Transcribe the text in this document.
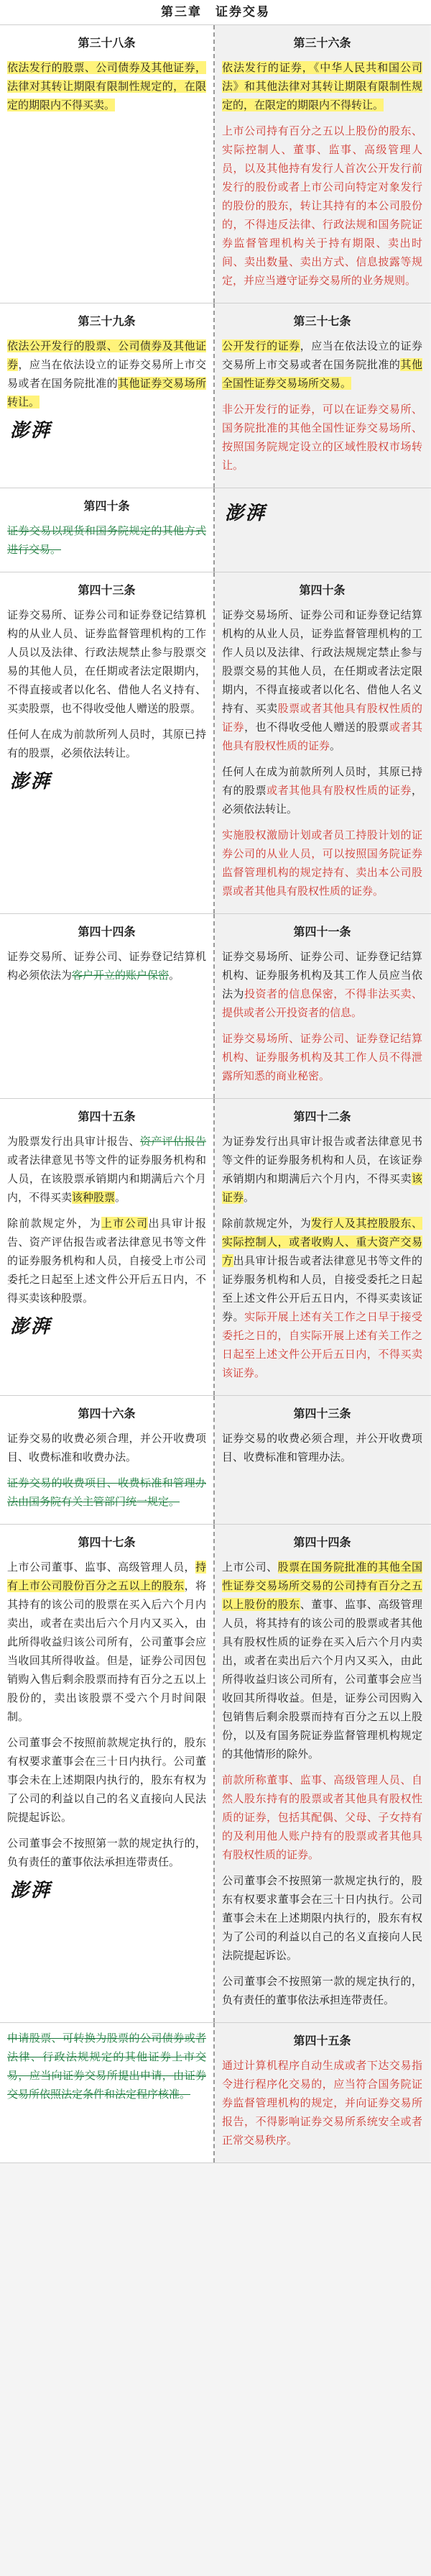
第三章　证券交易
第三十八条

依法发行的股票、公司债券及其他证券，法律对其转让期限有限制性规定的，在限定的期限内不得买卖。

第三十六条

依法发行的证券，《中华人民共和国公司法》和其他法律对其转让期限有限制性规定的，在限定的期限内不得转让。

上市公司持有百分之五以上股份的股东、实际控制人、董事、监事、高级管理人员，以及其他持有发行人首次公开发行前发行的股份或者上市公司向特定对象发行的股份的股东，转让其持有的本公司股份的，不得违反法律、行政法规和国务院证券监督管理机构关于持有期限、卖出时间、卖出数量、卖出方式、信息披露等规定，并应当遵守证券交易所的业务规则。

第三十九条

依法公开发行的股票、公司债券及其他证券，应当在依法设立的证券交易所上市交易或者在国务院批准的其他证券交易场所转让。

澎湃
第三十七条

公开发行的证券，应当在依法设立的证券交易所上市交易或者在国务院批准的其他全国性证券交易场所交易。

非公开发行的证券，可以在证券交易所、国务院批准的其他全国性证券交易场所、按照国务院规定设立的区域性股权市场转让。

第四十条

证券交易以现货和国务院规定的其他方式进行交易。

澎湃
第四十三条

证券交易所、证券公司和证券登记结算机构的从业人员、证券监督管理机构的工作人员以及法律、行政法规禁止参与股票交易的其他人员，在任期或者法定限期内，不得直接或者以化名、借他人名义持有、买卖股票，也不得收受他人赠送的股票。

任何人在成为前款所列人员时，其原已持有的股票，必须依法转让。

澎湃
第四十条

证券交易场所、证券公司和证券登记结算机构的从业人员，证券监督管理机构的工作人员以及法律、行政法规规定禁止参与股票交易的其他人员，在任期或者法定限期内，不得直接或者以化名、借他人名义持有、买卖股票或者其他具有股权性质的证券，也不得收受他人赠送的股票或者其他具有股权性质的证券。

任何人在成为前款所列人员时，其原已持有的股票或者其他具有股权性质的证券，必须依法转让。

实施股权激励计划或者员工持股计划的证券公司的从业人员，可以按照国务院证券监督管理机构的规定持有、卖出本公司股票或者其他具有股权性质的证券。

第四十四条

证券交易所、证券公司、证券登记结算机构必须依法为客户开立的账户保密。

第四十一条

证券交易场所、证券公司、证券登记结算机构、证券服务机构及其工作人员应当依法为投资者的信息保密，不得非法买卖、提供或者公开投资者的信息。

证券交易场所、证券公司、证券登记结算机构、证券服务机构及其工作人员不得泄露所知悉的商业秘密。

第四十五条

为股票发行出具审计报告、资产评估报告或者法律意见书等文件的证券服务机构和人员，在该股票承销期内和期满后六个月内，不得买卖该种股票。

除前款规定外，为上市公司出具审计报告、资产评估报告或者法律意见书等文件的证券服务机构和人员，自接受上市公司委托之日起至上述文件公开后五日内，不得买卖该种股票。

澎湃
第四十二条

为证券发行出具审计报告或者法律意见书等文件的证券服务机构和人员，在该证券承销期内和期满后六个月内，不得买卖该证券。

除前款规定外，为发行人及其控股股东、实际控制人，或者收购人、重大资产交易方出具审计报告或者法律意见书等文件的证券服务机构和人员，自接受委托之日起至上述文件公开后五日内，不得买卖该证券。实际开展上述有关工作之日早于接受委托之日的，自实际开展上述有关工作之日起至上述文件公开后五日内，不得买卖该证券。

第四十六条

证券交易的收费必须合理，并公开收费项目、收费标准和收费办法。

证券交易的收费项目、收费标准和管理办法由国务院有关主管部门统一规定。

第四十三条

证券交易的收费必须合理，并公开收费项目、收费标准和管理办法。

第四十七条

上市公司董事、监事、高级管理人员，持有上市公司股份百分之五以上的股东，将其持有的该公司的股票在买入后六个月内卖出，或者在卖出后六个月内又买入，由此所得收益归该公司所有，公司董事会应当收回其所得收益。但是，证券公司因包销购入售后剩余股票而持有百分之五以上股份的，卖出该股票不受六个月时间限制。

公司董事会不按照前款规定执行的，股东有权要求董事会在三十日内执行。公司董事会未在上述期限内执行的，股东有权为了公司的利益以自己的名义直接向人民法院提起诉讼。

公司董事会不按照第一款的规定执行的，负有责任的董事依法承担连带责任。

澎湃
第四十四条

上市公司、股票在国务院批准的其他全国性证券交易场所交易的公司持有百分之五以上股份的股东、董事、监事、高级管理人员，将其持有的该公司的股票或者其他具有股权性质的证券在买入后六个月内卖出，或者在卖出后六个月内又买入，由此所得收益归该公司所有，公司董事会应当收回其所得收益。但是，证券公司因购入包销售后剩余股票而持有百分之五以上股份，以及有国务院证券监督管理机构规定的其他情形的除外。

前款所称董事、监事、高级管理人员、自然人股东持有的股票或者其他具有股权性质的证券，包括其配偶、父母、子女持有的及利用他人账户持有的股票或者其他具有股权性质的证券。

公司董事会不按照第一款规定执行的，股东有权要求董事会在三十日内执行。公司董事会未在上述期限内执行的，股东有权为了公司的利益以自己的名义直接向人民法院提起诉讼。

公司董事会不按照第一款的规定执行的，负有责任的董事依法承担连带责任。

申请股票、可转换为股票的公司债券或者法律、行政法规规定的其他证券上市交易，应当向证券交易所提出申请，由证券交易所依照法定条件和法定程序核准。

第四十五条

通过计算机程序自动生成或者下达交易指令进行程序化交易的，应当符合国务院证券监督管理机构的规定，并向证券交易所报告，不得影响证券交易所系统安全或者正常交易秩序。
